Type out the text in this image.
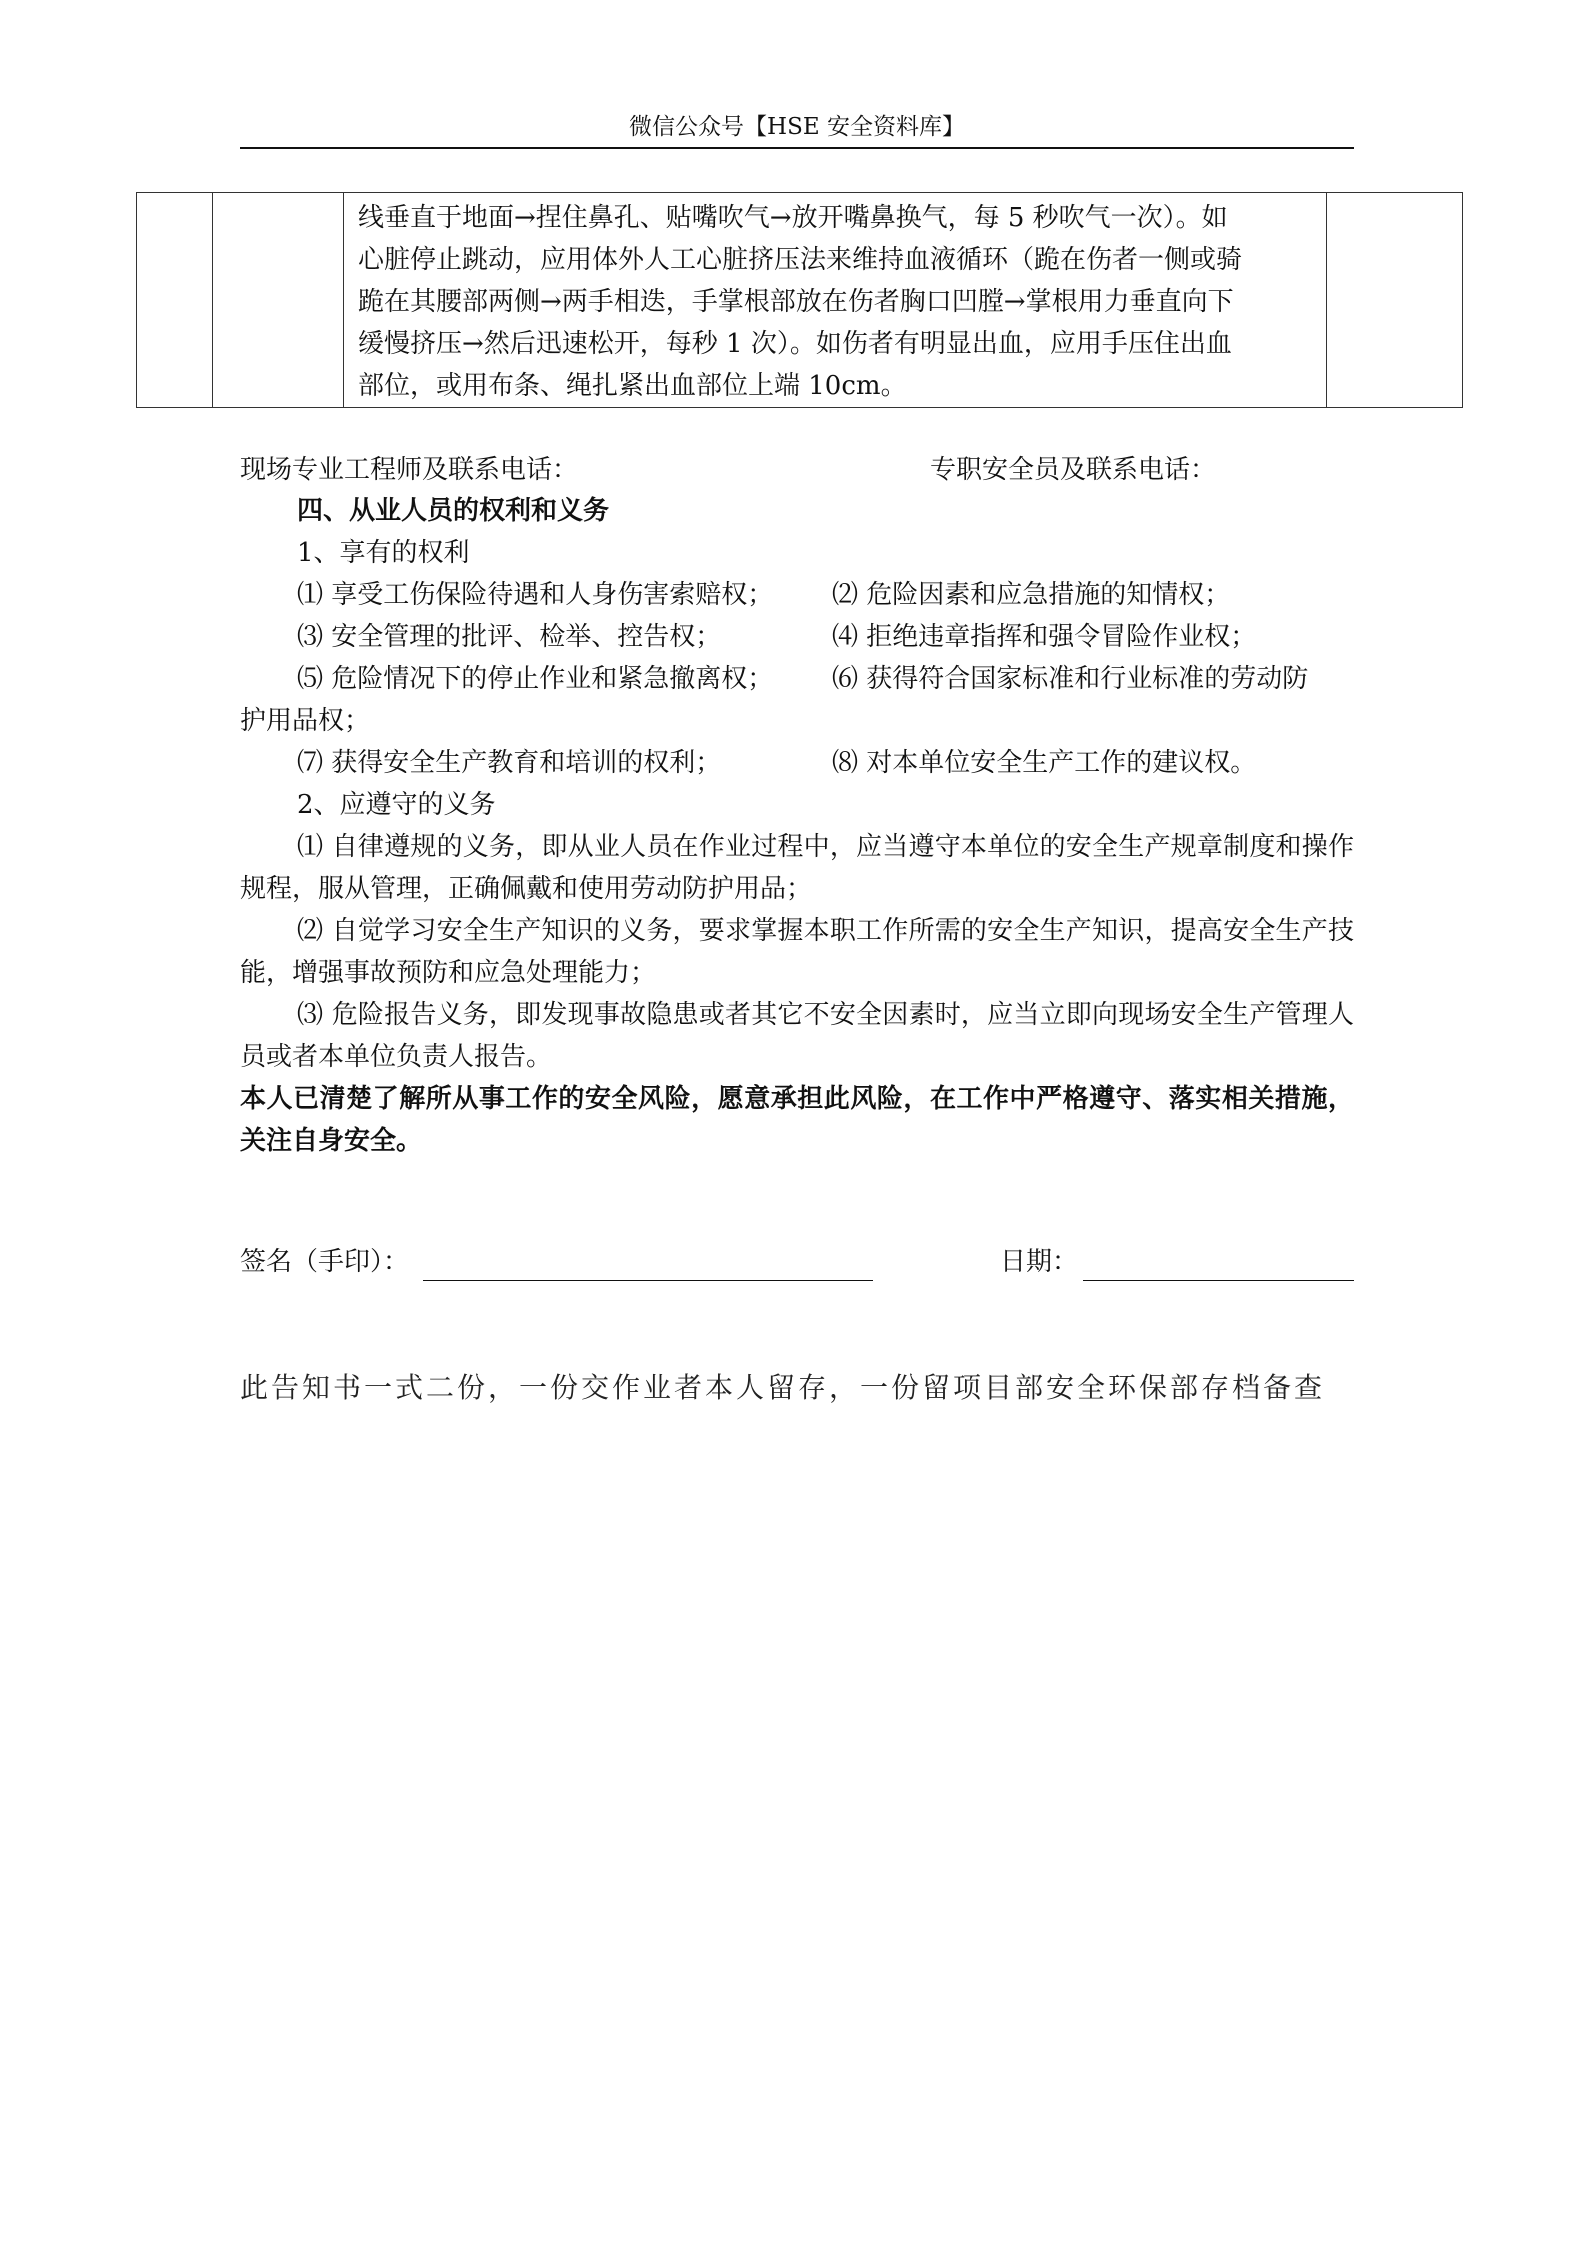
微信公众号【HSE 安全资料库】

线垂直于地面→捏住鼻孔、贴嘴吹气→放开嘴鼻换气，每 5 秒吹气一次）。如
心脏停止跳动，应用体外人工心脏挤压法来维持血液循环（跪在伤者一侧或骑
跪在其腰部两侧→两手相迭，手掌根部放在伤者胸口凹膛→掌根用力垂直向下
缓慢挤压→然后迅速松开，每秒 1 次）。如伤者有明显出血，应用手压住出血
部位，或用布条、绳扎紧出血部位上端 10cm。

现场专业工程师及联系电话：	专职安全员及联系电话：
四、从业人员的权利和义务
1、享有的权利
⑴ 享受工伤保险待遇和人身伤害索赔权； ⑵ 危险因素和应急措施的知情权；
⑶ 安全管理的批评、检举、控告权；	⑷ 拒绝违章指挥和强令冒险作业权；
⑸ 危险情况下的停止作业和紧急撤离权； ⑹ 获得符合国家标准和行业标准的劳动防
护用品权；
⑺ 获得安全生产教育和培训的权利；	⑻ 对本单位安全生产工作的建议权。
2、应遵守的义务
⑴ 自律遵规的义务，即从业人员在作业过程中，应当遵守本单位的安全生产规章制度和操作规程，服从管理，正确佩戴和使用劳动防护用品；
⑵ 自觉学习安全生产知识的义务，要求掌握本职工作所需的安全生产知识，提高安全生产技能，增强事故预防和应急处理能力；
⑶ 危险报告义务，即发现事故隐患或者其它不安全因素时，应当立即向现场安全生产管理人员或者本单位负责人报告。
本人已清楚了解所从事工作的安全风险，愿意承担此风险，在工作中严格遵守、落实相关措施，关注自身安全。
签名（手印）：	日期：
此告知书一式二份，一份交作业者本人留存，一份留项目部安全环保部存档备查
